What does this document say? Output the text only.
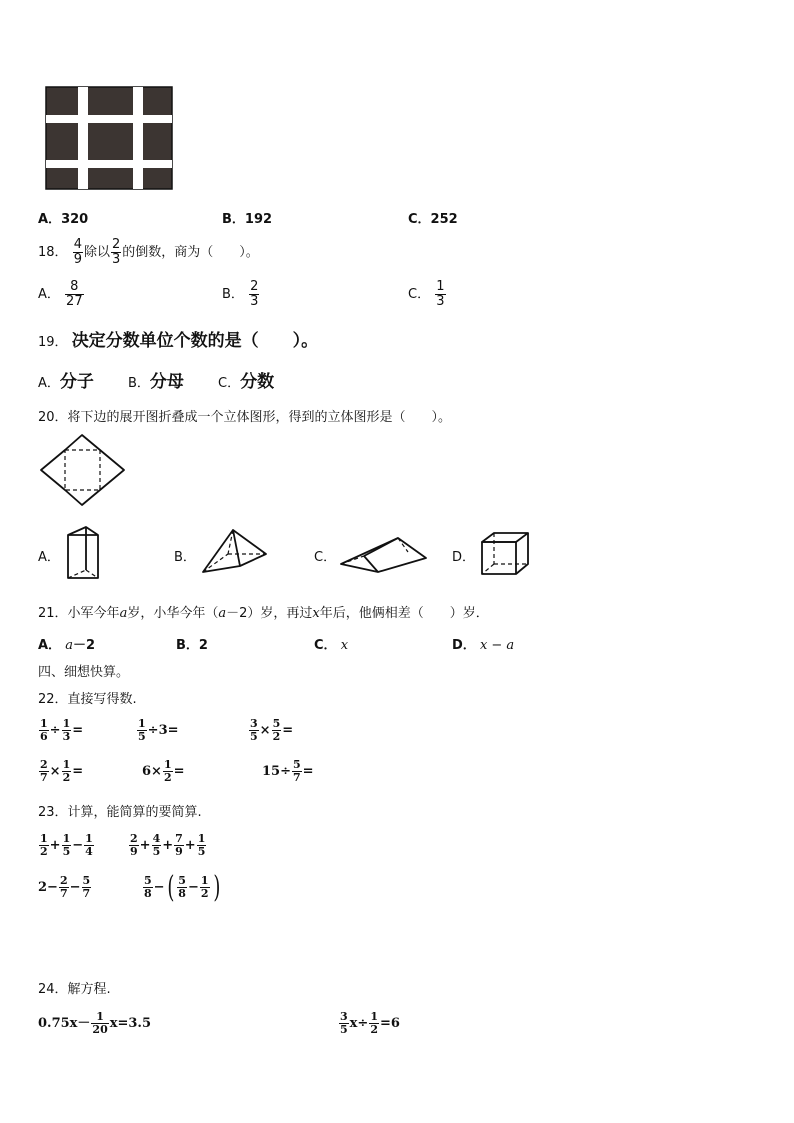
A．320	B．192	C．252
18． $\frac{4}{9}$ 除以 $\frac{2}{3}$ 的倒数，商为（　　）。
A． $\frac{8}{27}$	B． $\frac{2}{3}$	C． $\frac{1}{3}$
19． 决定分数单位个数的是（　　）。
A．分子	B．分母	C．分数
20．将下边的展开图折叠成一个立体图形，得到的立体图形是（　　）。
A．	B．	C．	D．
21．小军今年a岁，小华今年（a－2）岁，再过x年后，他俩相差（　　）岁．
A． a－2	B．2	C． x	D． x − a
四、细想快算。
22．直接写得数.
$\frac{1}{6} \div \frac{1}{3}$ =	$\frac{1}{5} \div 3=$	$\frac{3}{5} \times \frac{5}{2}$ =
$\frac{2}{7} \times \frac{1}{2}$ =	$6\times \frac{1}{2}$ =	$15\div \frac{5}{7}$ =
23．计算，能简算的要简算.
$\frac{1}{2} + \frac{1}{5} - \frac{1}{4}$	$\frac{2}{9} + \frac{4}{5} + \frac{7}{9} + \frac{1}{5}$
$2- \frac{2}{7} - \frac{5}{7}$	$\frac{5}{8}$ −( $\frac{5}{8} - \frac{1}{2}$ )
24．解方程.
$0.75x- \frac{1}{20} x=3.5$	$\frac{3}{5} x\div \frac{1}{2} =6$
